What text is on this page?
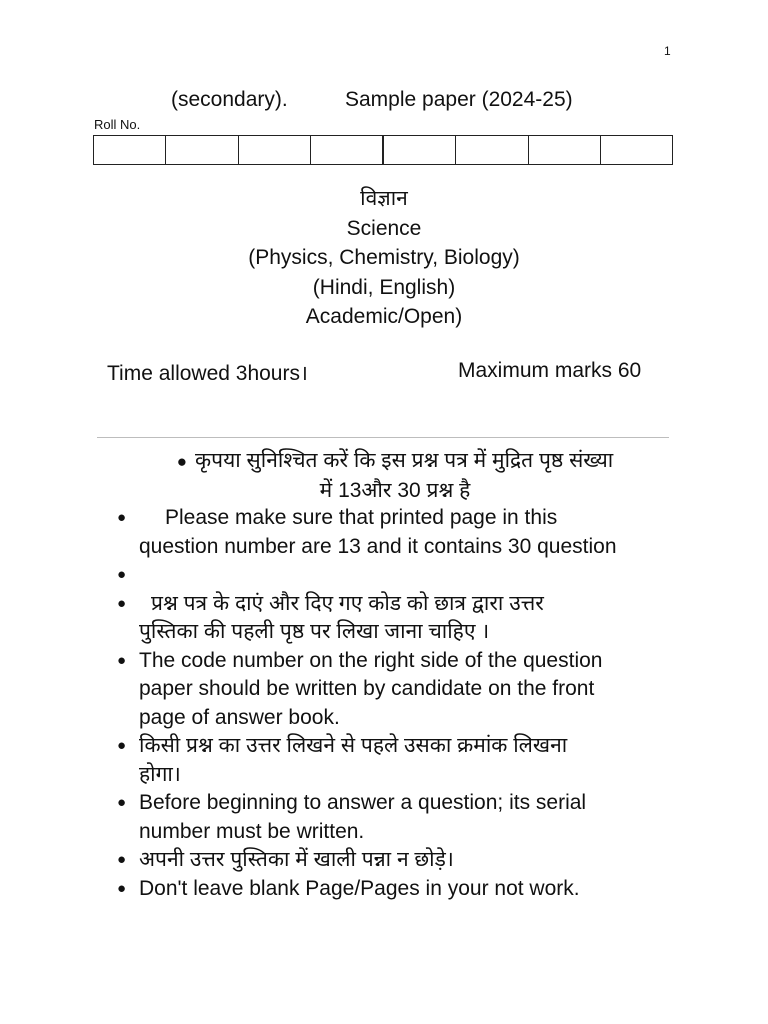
1
(secondary).	Sample paper (2024-25)
Roll No.
विज्ञान
Science
(Physics, Chemistry, Biology)
(Hindi, English)
Academic/Open)
Time allowed 3hours।	Maximum marks 60
● कृपया सुनिश्चित करें कि इस प्रश्न पत्र में मुद्रित पृष्ठ संख्या
में 13और 30 प्रश्न है
●	Please make sure that printed page in this
question number are 13 and it contains 30 question
●
●	प्रश्न पत्र के दाएं और दिए गए कोड को छात्र द्वारा उत्तर
पुस्तिका की पहली पृष्ठ पर लिखा जाना चाहिए ।
● The code number on the right side of the question
paper should be written by candidate on the front
page of answer book.
● किसी प्रश्न का उत्तर लिखने से पहले उसका क्रमांक लिखना
होगा।
● Before beginning to answer a question; its serial
number must be written.
● अपनी उत्तर पुस्तिका में खाली पन्ना न छोड़े।
● Don't leave blank Page/Pages in your not work.
